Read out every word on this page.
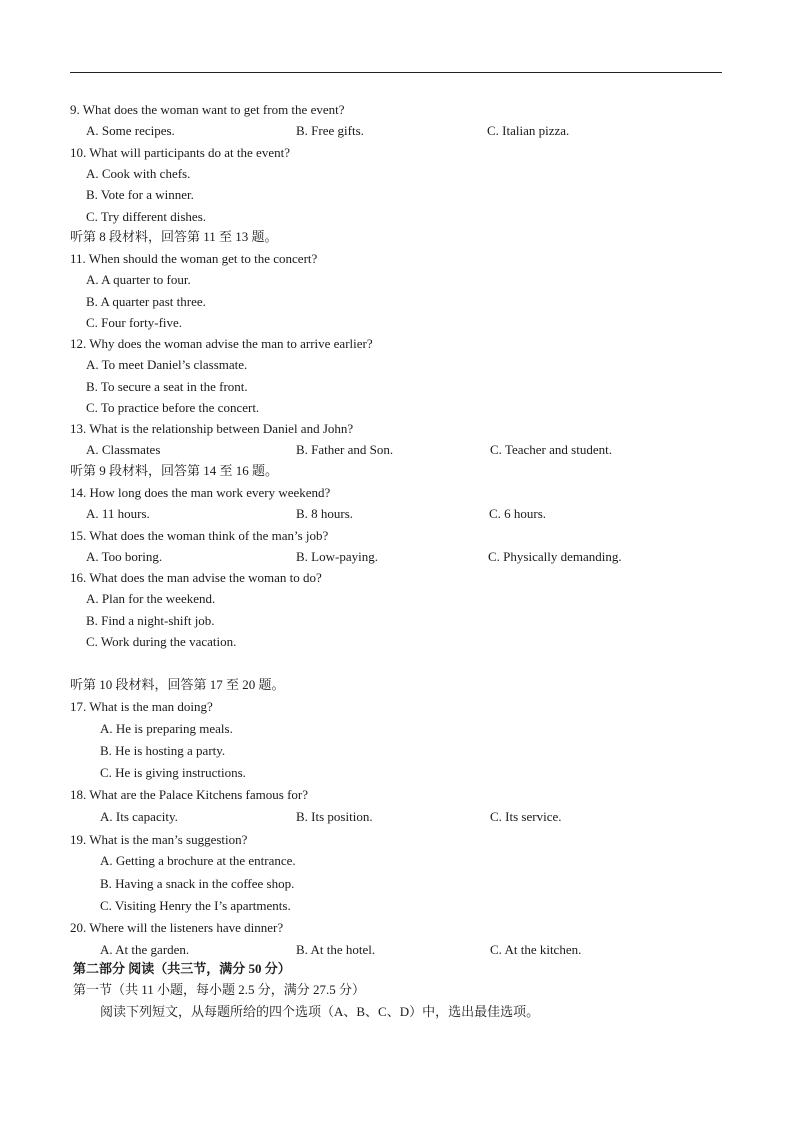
9. What does the woman want to get from the event?
A. Some recipes.	B. Free gifts.	C. Italian pizza.
10. What will participants do at the event?
A. Cook with chefs.
B. Vote for a winner.
C. Try different dishes.
听第 8 段材料，回答第 11 至 13 题。
11. When should the woman get to the concert?
A. A quarter to four.
B. A quarter past three.
C. Four forty-five.
12. Why does the woman advise the man to arrive earlier?
A. To meet Daniel’s classmate.
B. To secure a seat in the front.
C. To practice before the concert.
13. What is the relationship between Daniel and John?
A. Classmates	B. Father and Son.	C. Teacher and student.
听第 9 段材料，回答第 14 至 16 题。
14. How long does the man work every weekend?
A. 11 hours.	B. 8 hours.	C. 6 hours.
15. What does the woman think of the man’s job?
A. Too boring.	B. Low-paying.	C. Physically demanding.
16. What does the man advise the woman to do?
A. Plan for the weekend.
B. Find a night-shift job.
C. Work during the vacation.
听第 10 段材料，回答第 17 至 20 题。
17. What is the man doing?
A. He is preparing meals.
B. He is hosting a party.
C. He is giving instructions.
18. What are the Palace Kitchens famous for?
A. Its capacity.	B. Its position.	C. Its service.
19. What is the man’s suggestion?
A. Getting a brochure at the entrance.
B. Having a snack in the coffee shop.
C. Visiting Henry the I’s apartments.
20. Where will the listeners have dinner?
A. At the garden.	B. At the hotel.	C. At the kitchen.
第二部分 阅读（共三节，满分 50 分）
第一节（共 11 小题，每小题 2.5 分，满分 27.5 分）
阅读下列短文，从每题所给的四个选项（A、B、C、D）中，选出最佳选项。
